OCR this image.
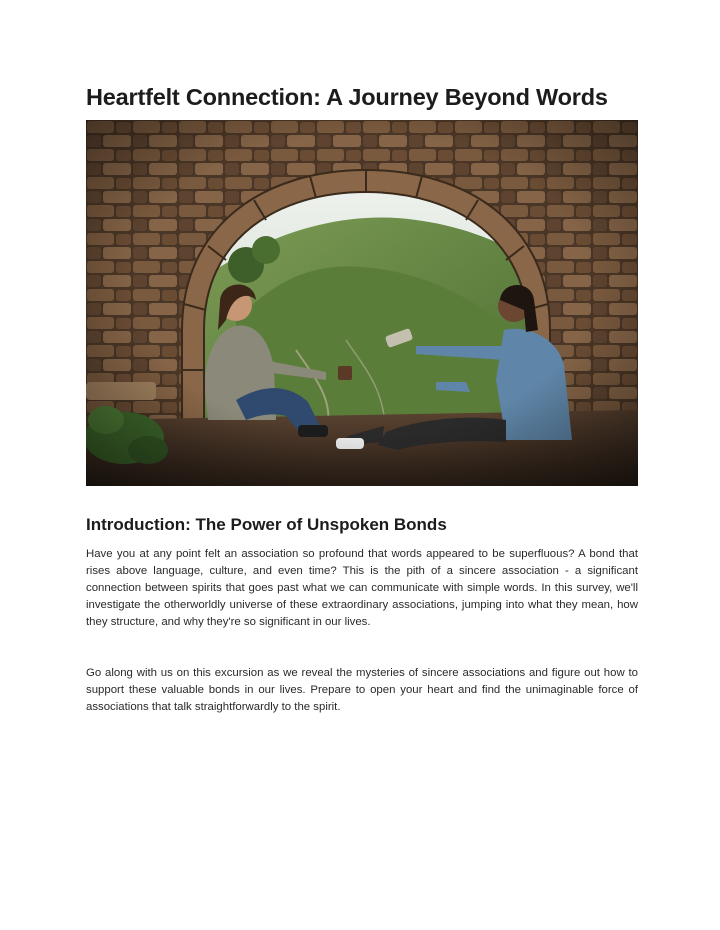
Heartfelt Connection: A Journey Beyond Words
Introduction: The Power of Unspoken Bonds

Have you at any point felt an association so profound that words appeared to be superfluous? A bond that rises above language, culture, and even time? This is the pith of a sincere association - a significant connection between spirits that goes past what we can communicate with simple words. In this survey, we'll investigate the otherworldly universe of these extraordinary associations, jumping into what they mean, how they structure, and why they're so significant in our lives.

Go along with us on this excursion as we reveal the mysteries of sincere associations and figure out how to support these valuable bonds in our lives. Prepare to open your heart and find the unimaginable force of associations that talk straightforwardly to the spirit.
